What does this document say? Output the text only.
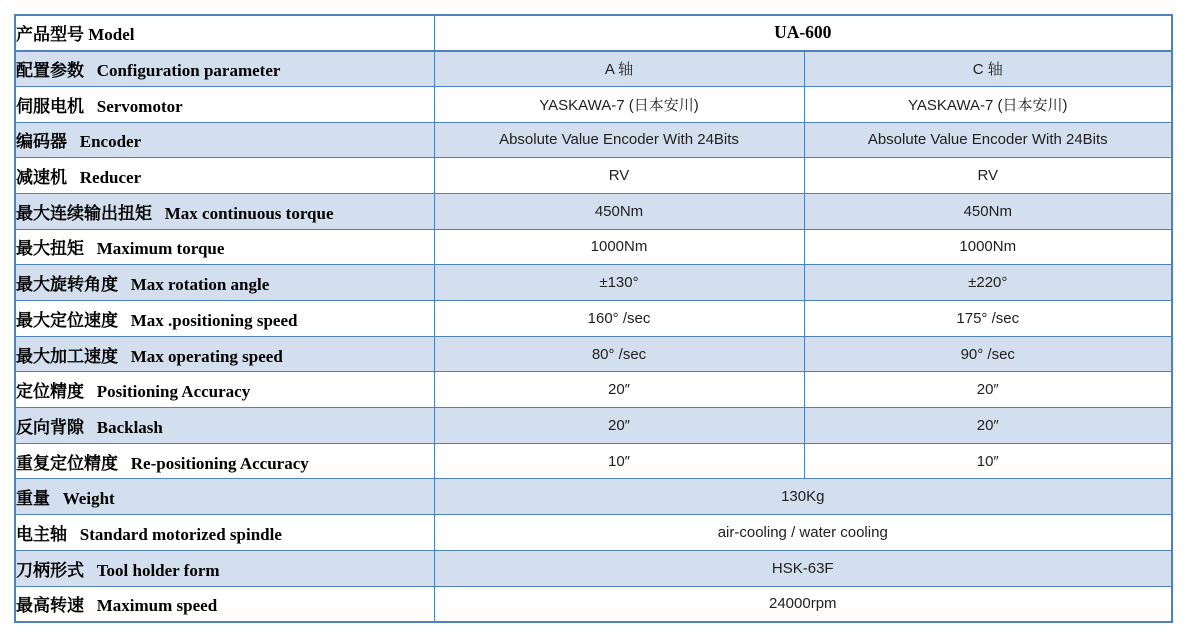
产品型号 Model	UA-600	
配置参数   Configuration parameter	A 轴	C 轴
伺服电机   Servomotor	YASKAWA-7 (日本安川)	YASKAWA-7 (日本安川)
编码器   Encoder	Absolute Value Encoder With 24Bits	Absolute Value Encoder With 24Bits
减速机   Reducer	RV	RV
最大连续输出扭矩   Max continuous torque	450Nm	450Nm
最大扭矩   Maximum torque	1000Nm	1000Nm
最大旋转角度   Max rotation angle	±130°	±220°
最大定位速度   Max .positioning speed	160° /sec	175° /sec
最大加工速度   Max operating speed	80° /sec	90° /sec
定位精度   Positioning Accuracy	20″	20″
反向背隙   Backlash	20″	20″
重复定位精度   Re-positioning Accuracy	10″	10″
重量   Weight	130Kg	
电主轴   Standard motorized spindle	air-cooling / water cooling	
刀柄形式   Tool holder form	HSK-63F	
最高转速   Maximum speed	24000rpm	
